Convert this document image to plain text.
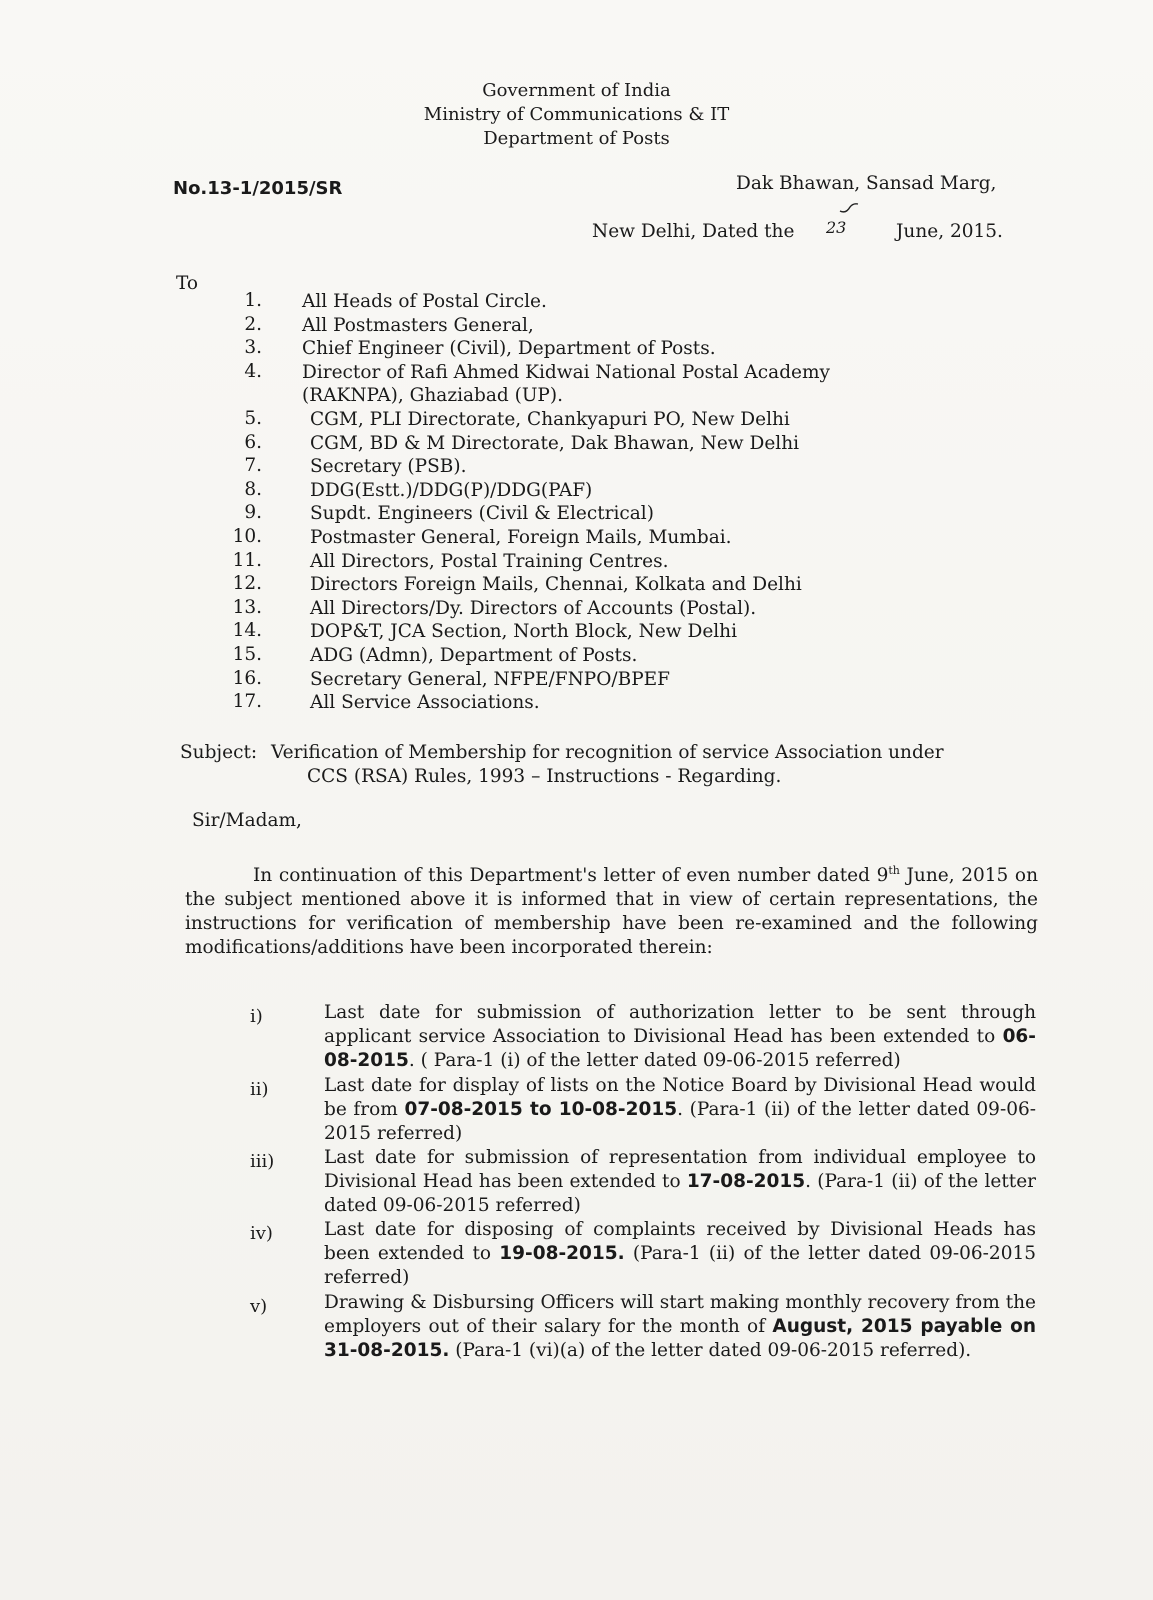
Government of India
Ministry of Communications & IT
Department of Posts
No.13-1/2015/SR	Dak Bhawan, Sansad Marg,
New Delhi, Dated the 23	June, 2015.
To
1. All Heads of Postal Circle.
2. All Postmasters General,
3. Chief Engineer (Civil), Department of Posts.
4. Director of Rafi Ahmed Kidwai National Postal Academy
(RAKNPA), Ghaziabad (UP).
5.	CGM, PLI Directorate, Chankyapuri PO, New Delhi
6.	CGM, BD & M Directorate, Dak Bhawan, New Delhi
7.	Secretary (PSB).
8.	DDG(Estt.)/DDG(P)/DDG(PAF)
9.	Supdt. Engineers (Civil & Electrical)
10.	Postmaster General, Foreign Mails, Mumbai.
11.	All Directors, Postal Training Centres.
12.	Directors Foreign Mails, Chennai, Kolkata and Delhi
13.	All Directors/Dy. Directors of Accounts (Postal).
14.	DOP&T, JCA Section, North Block, New Delhi
15.	ADG (Admn), Department of Posts.
16.	Secretary General, NFPE/FNPO/BPEF
17.	All Service Associations.
Subject: Verification of Membership for recognition of service Association under
CCS (RSA) Rules, 1993 – Instructions - Regarding.
Sir/Madam,
In continuation of this Department's letter of even number dated 9th June, 2015 on the subject mentioned above it is informed that in view of certain representations, the instructions for verification of membership have been re-examined and the following modifications/additions have been incorporated therein:
i)	Last date for submission of authorization letter to be sent through applicant service Association to Divisional Head has been extended to 06-08-2015. ( Para-1 (i) of the letter dated 09-06-2015 referred)
ii)	Last date for display of lists on the Notice Board by Divisional Head would be from 07-08-2015 to 10-08-2015. (Para-1 (ii) of the letter dated 09-06-2015 referred)
iii)	Last date for submission of representation from individual employee to Divisional Head has been extended to 17-08-2015. (Para-1 (ii) of the letter dated 09-06-2015 referred)
iv)	Last date for disposing of complaints received by Divisional Heads has been extended to 19-08-2015. (Para-1 (ii) of the letter dated 09-06-2015 referred)
v)	Drawing & Disbursing Officers will start making monthly recovery from the employers out of their salary for the month of August, 2015 payable on 31-08-2015. (Para-1 (vi)(a) of the letter dated 09-06-2015 referred).
